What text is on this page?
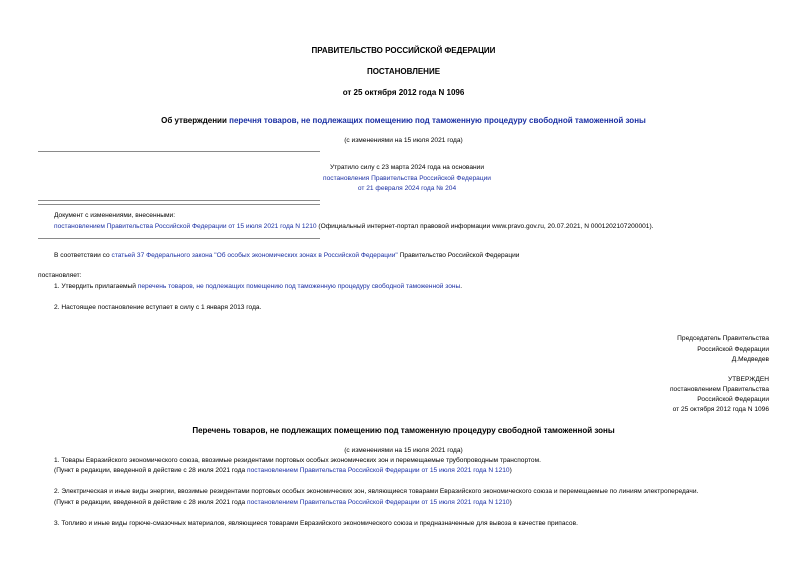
ПРАВИТЕЛЬСТВО РОССИЙСКОЙ ФЕДЕРАЦИИ
ПОСТАНОВЛЕНИЕ
от 25 октября 2012 года N 1096
Об утверждении перечня товаров, не подлежащих помещению под таможенную процедуру свободной таможенной зоны
(с изменениями на 15 июля 2021 года)
Утратило силу с 23 марта 2024 года на основании
постановления Правительства Российской Федерации
от 21 февраля 2024 года № 204
Документ с изменениями, внесенными:
постановлением Правительства Российской Федерации от 15 июля 2021 года N 1210 (Официальный интернет-портал правовой информации www.pravo.gov.ru, 20.07.2021, N 0001202107200001).
В соответствии со статьей 37 Федерального закона "Об особых экономических зонах в Российской Федерации" Правительство Российской Федерации
постановляет:
1. Утвердить прилагаемый перечень товаров, не подлежащих помещению под таможенную процедуру свободной таможенной зоны.
2. Настоящее постановление вступает в силу с 1 января 2013 года.
Председатель Правительства
Российской Федерации
Д.Медведев
УТВЕРЖДЕН
постановлением Правительства
Российской Федерации
от 25 октября 2012 года N 1096
Перечень товаров, не подлежащих помещению под таможенную процедуру свободной таможенной зоны
(с изменениями на 15 июля 2021 года)
1. Товары Евразийского экономического союза, ввозимые резидентами портовых особых экономических зон и перемещаемые трубопроводным транспортом.
(Пункт в редакции, введенной в действие с 28 июля 2021 года постановлением Правительства Российской Федерации от 15 июля 2021 года N 1210)
2. Электрическая и иные виды энергии, ввозимые резидентами портовых особых экономических зон, являющиеся товарами Евразийского экономического союза и перемещаемые по линиям электропередачи.
(Пункт в редакции, введенной в действие с 28 июля 2021 года постановлением Правительства Российской Федерации от 15 июля 2021 года N 1210)
3. Топливо и иные виды горюче-смазочных материалов, являющиеся товарами Евразийского экономического союза и предназначенные для вывоза в качестве припасов.
